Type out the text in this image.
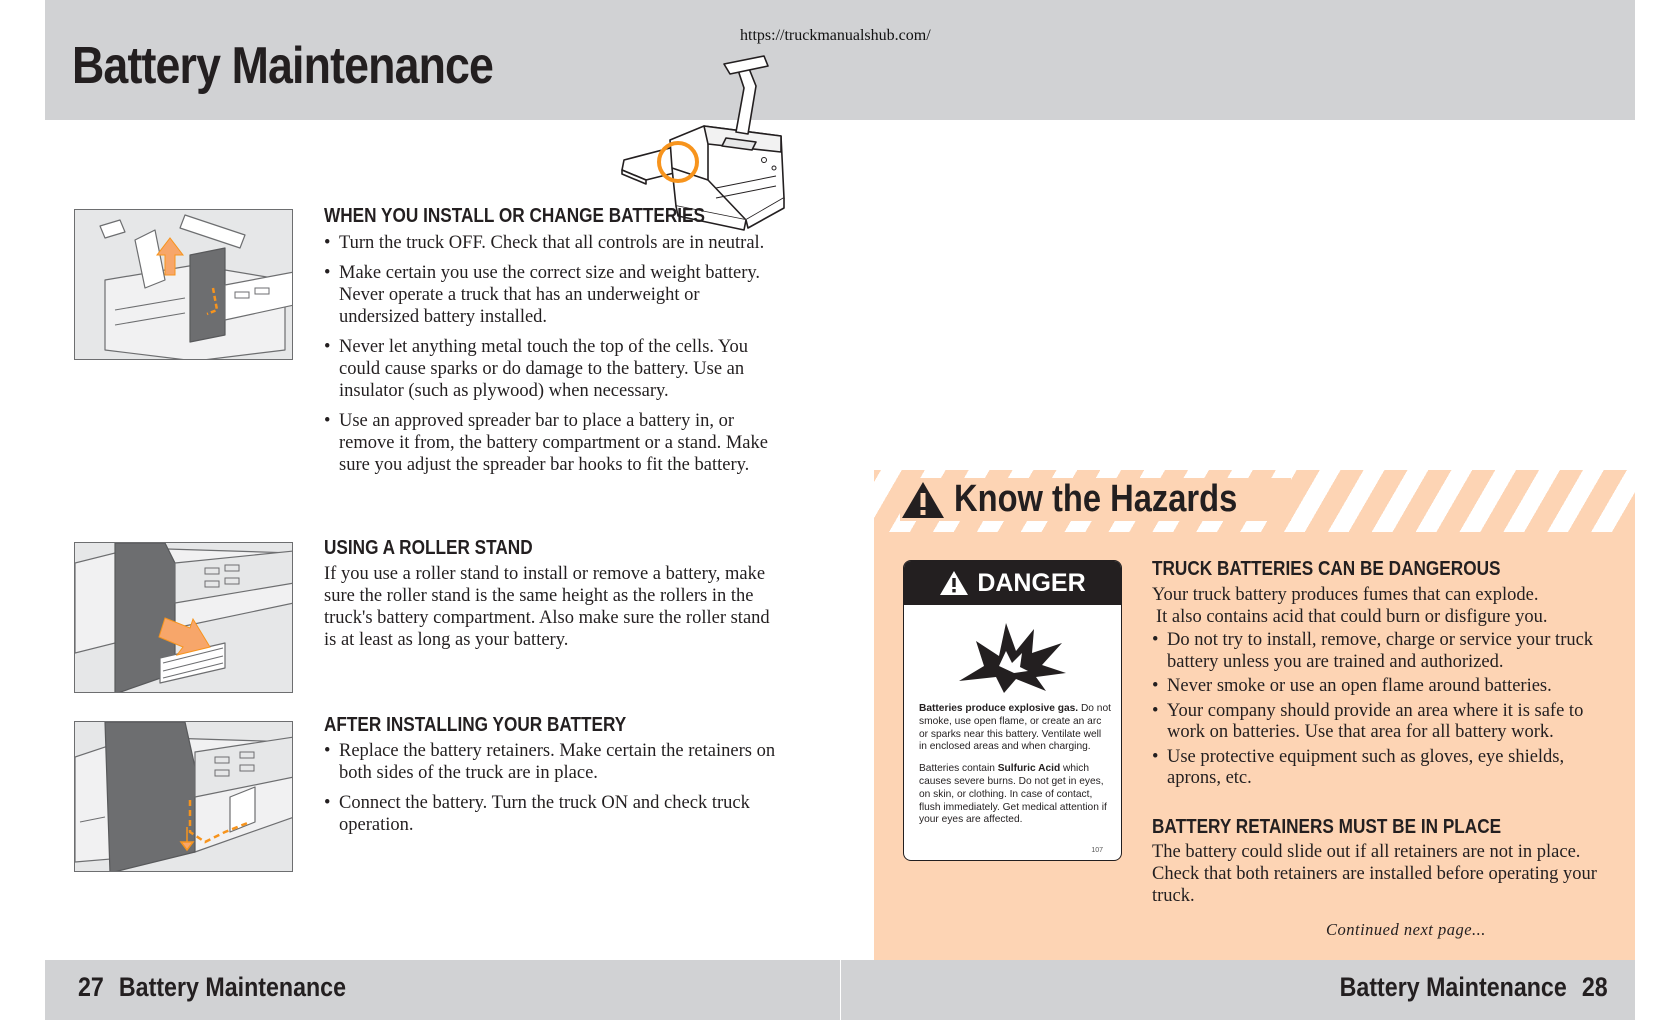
Battery Maintenance
https://truckmanualshub.com/
WHEN YOU INSTALL OR CHANGE BATTERIES
• Turn the truck OFF. Check that all controls are in neutral.
• Make certain you use the correct size and weight battery. Never operate a truck that has an underweight or undersized battery installed.
• Never let anything metal touch the top of the cells. You could cause sparks or do damage to the battery. Use an insulator (such as plywood) when necessary.
• Use an approved spreader bar to place a battery in, or remove it from, the battery compartment or a stand. Make sure you adjust the spreader bar hooks to fit the battery.
USING A ROLLER STAND
If you use a roller stand to install or remove a battery, make sure the roller stand is the same height as the rollers in the truck's battery compartment. Also make sure the roller stand is at least as long as your battery.
AFTER INSTALLING YOUR BATTERY
• Replace the battery retainers. Make certain the retainers on both sides of the truck are in place.
• Connect the battery. Turn the truck ON and check truck operation.
Know the Hazards
DANGER

Batteries produce explosive gas. Do not smoke, use open flame, or create an arc or sparks near this battery. Ventilate well in enclosed areas and when charging.

Batteries contain Sulfuric Acid which causes severe burns. Do not get in eyes, on skin, or clothing. In case of contact, flush immediately. Get medical attention if your eyes are affected.

107
TRUCK BATTERIES CAN BE DANGEROUS
Your truck battery produces fumes that can explode.
It also contains acid that could burn or disfigure you.
• Do not try to install, remove, charge or service your truck battery unless you are trained and authorized.
• Never smoke or use an open flame around batteries.
• Your company should provide an area where it is safe to work on batteries. Use that area for all battery work.
• Use protective equipment such as gloves, eye shields, aprons, etc.
BATTERY RETAINERS MUST BE IN PLACE
The battery could slide out if all retainers are not in place. Check that both retainers are installed before operating your truck.
Continued next page...
27 Battery Maintenance	Battery Maintenance 28
